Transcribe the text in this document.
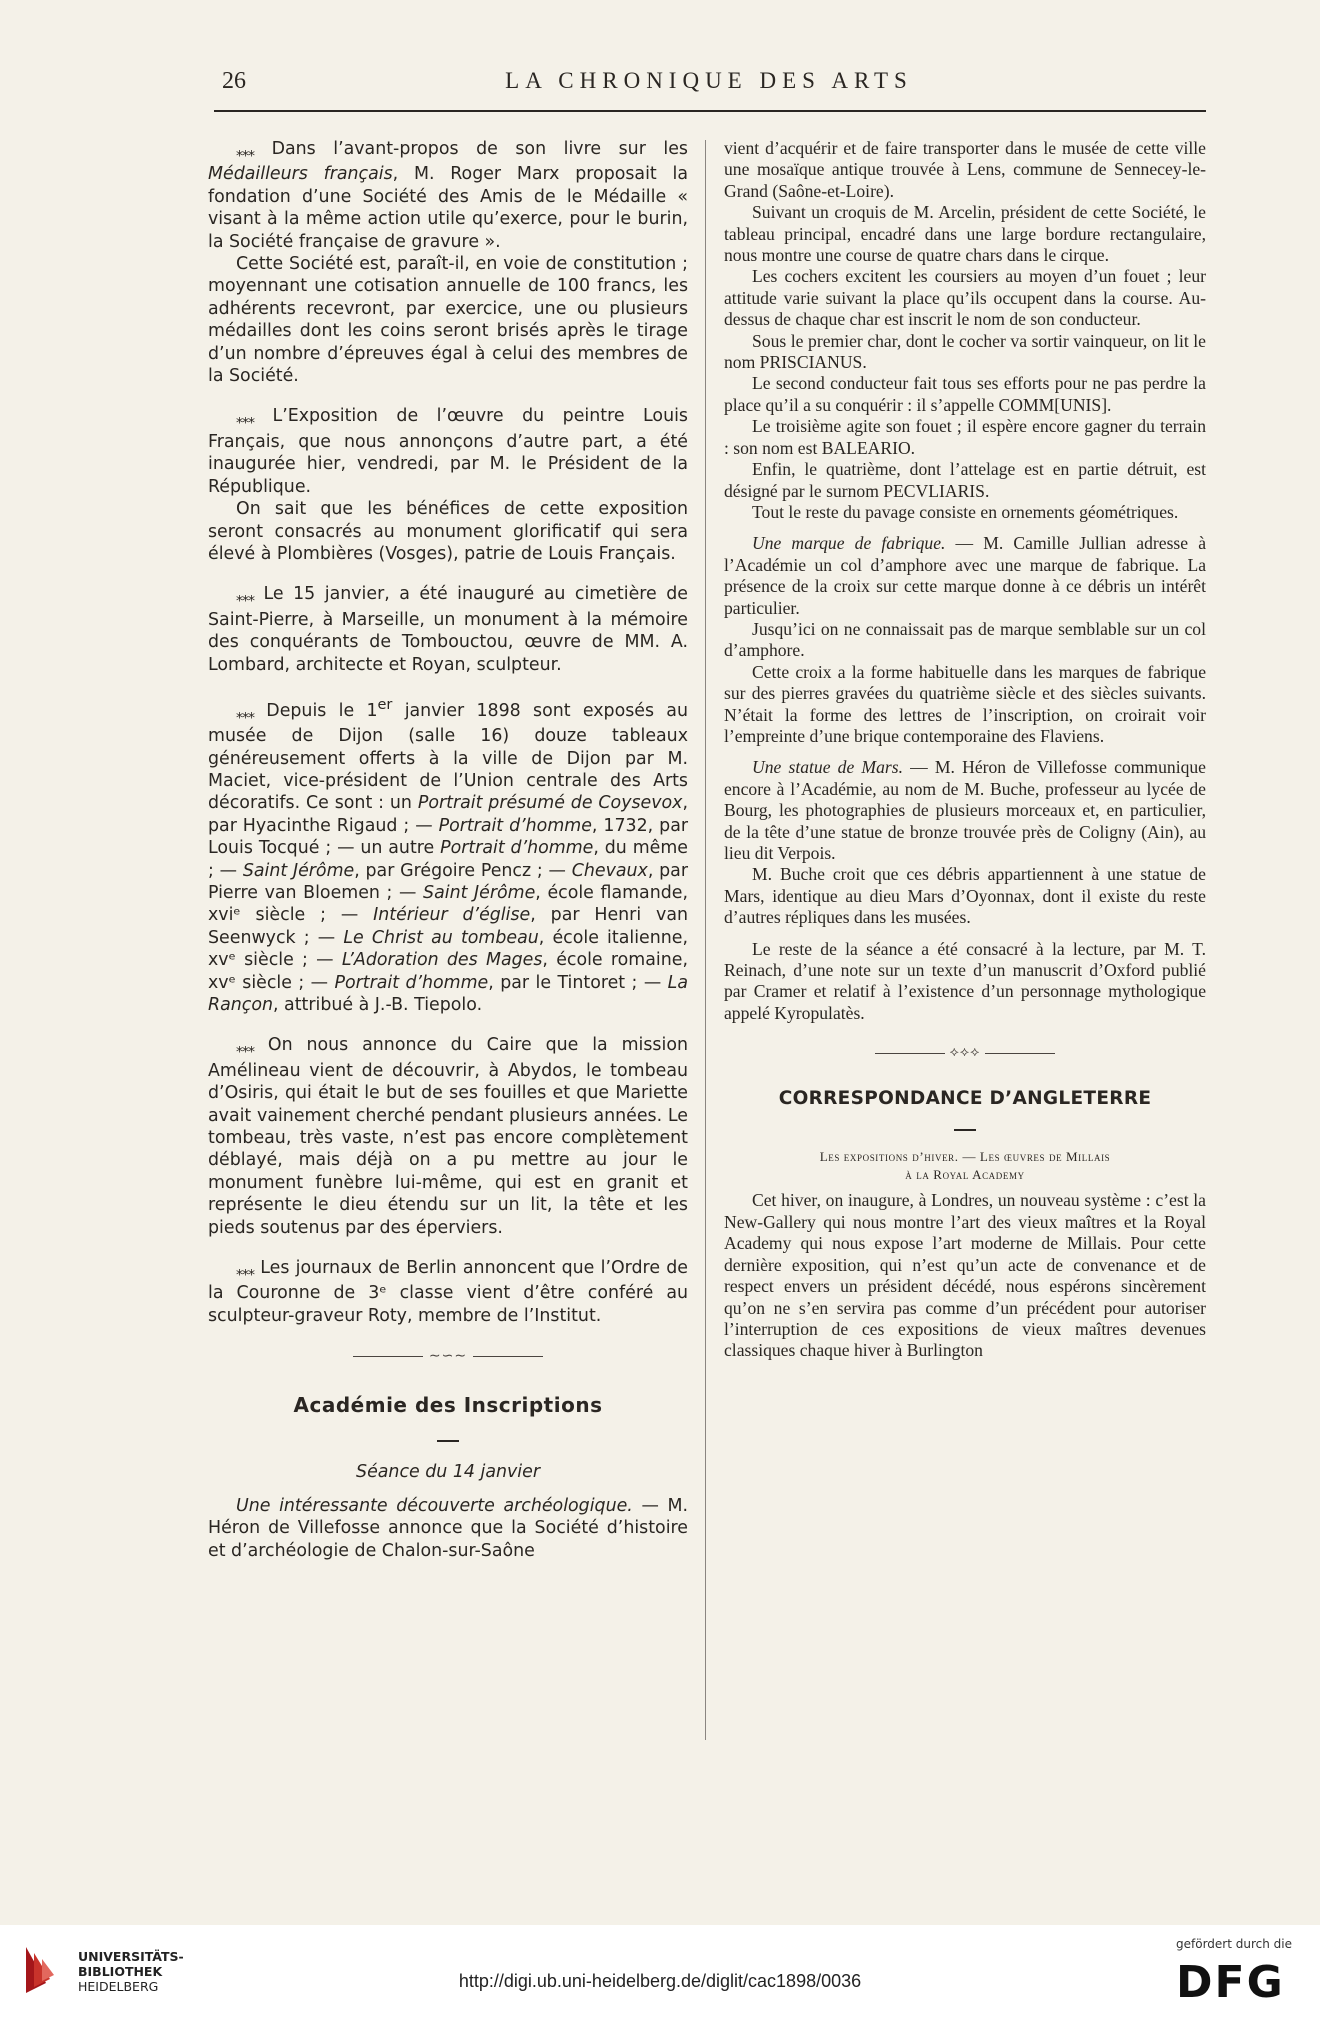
26	LA CHRONIQUE DES ARTS

⁎⁎⁎ Dans l’avant-propos de son livre sur les Médailleurs français, M. Roger Marx proposait la fondation d’une Société des Amis de le Médaille « visant à la même action utile qu’exerce, pour le burin, la Société française de gravure ».

Cette Société est, paraît-il, en voie de constitution ; moyennant une cotisation annuelle de 100 francs, les adhérents recevront, par exercice, une ou plusieurs médailles dont les coins seront brisés après le tirage d’un nombre d’épreuves égal à celui des membres de la Société.

⁎⁎⁎ L’Exposition de l’œuvre du peintre Louis Français, que nous annonçons d’autre part, a été inaugurée hier, vendredi, par M. le Président de la République.

On sait que les bénéfices de cette exposition seront consacrés au monument glorificatif qui sera élevé à Plombières (Vosges), patrie de Louis Français.

⁎⁎⁎ Le 15 janvier, a été inauguré au cimetière de Saint-Pierre, à Marseille, un monument à la mémoire des conquérants de Tombouctou, œuvre de MM. A. Lombard, architecte et Royan, sculpteur.

⁎⁎⁎ Depuis le 1er janvier 1898 sont exposés au musée de Dijon (salle 16) douze tableaux généreusement offerts à la ville de Dijon par M. Maciet, vice-président de l’Union centrale des Arts décoratifs. Ce sont : un Portrait présumé de Coysevox, par Hyacinthe Rigaud ; — Portrait d’homme, 1732, par Louis Tocqué ; — un autre Portrait d’homme, du même ; — Saint Jérôme, par Grégoire Pencz ; — Chevaux, par Pierre van Bloemen ; — Saint Jérôme, école flamande, xviᵉ siècle ; — Intérieur d’église, par Henri van Seenwyck ; — Le Christ au tombeau, école italienne, xvᵉ siècle ; — L’Adoration des Mages, école romaine, xvᵉ siècle ; — Portrait d’homme, par le Tintoret ; — La Rançon, attribué à J.-B. Tiepolo.

⁎⁎⁎ On nous annonce du Caire que la mission Amélineau vient de découvrir, à Abydos, le tombeau d’Osiris, qui était le but de ses fouilles et que Mariette avait vainement cherché pendant plusieurs années. Le tombeau, très vaste, n’est pas encore complètement déblayé, mais déjà on a pu mettre au jour le monument funèbre lui-même, qui est en granit et représente le dieu étendu sur un lit, la tête et les pieds soutenus par des éperviers.

⁎⁎⁎ Les journaux de Berlin annoncent que l’Ordre de la Couronne de 3ᵉ classe vient d’être conféré au sculpteur-graveur Roty, membre de l’Institut.

∼∽∼
Académie des Inscriptions
Séance du 14 janvier

Une intéressante découverte archéologique. — M. Héron de Villefosse annonce que la Société d’histoire et d’archéologie de Chalon-sur-Saône

vient d’acquérir et de faire transporter dans le musée de cette ville une mosaïque antique trouvée à Lens, commune de Sennecey-le-Grand (Saône-et-Loire).

Suivant un croquis de M. Arcelin, président de cette Société, le tableau principal, encadré dans une large bordure rectangulaire, nous montre une course de quatre chars dans le cirque.

Les cochers excitent les coursiers au moyen d’un fouet ; leur attitude varie suivant la place qu’ils occupent dans la course. Au-dessus de chaque char est inscrit le nom de son conducteur.

Sous le premier char, dont le cocher va sortir vainqueur, on lit le nom PRISCIANUS.

Le second conducteur fait tous ses efforts pour ne pas perdre la place qu’il a su conquérir : il s’appelle COMM[UNIS].

Le troisième agite son fouet ; il espère encore gagner du terrain : son nom est BALEARIO.

Enfin, le quatrième, dont l’attelage est en partie détruit, est désigné par le surnom PECVLIARIS.

Tout le reste du pavage consiste en ornements géométriques.

Une marque de fabrique. — M. Camille Jullian adresse à l’Académie un col d’amphore avec une marque de fabrique. La présence de la croix sur cette marque donne à ce débris un intérêt particulier.

Jusqu’ici on ne connaissait pas de marque semblable sur un col d’amphore.

Cette croix a la forme habituelle dans les marques de fabrique sur des pierres gravées du quatrième siècle et des siècles suivants. N’était la forme des lettres de l’inscription, on croirait voir l’empreinte d’une brique contemporaine des Flaviens.

Une statue de Mars. — M. Héron de Villefosse communique encore à l’Académie, au nom de M. Buche, professeur au lycée de Bourg, les photographies de plusieurs morceaux et, en particulier, de la tête d’une statue de bronze trouvée près de Coligny (Ain), au lieu dit Verpois.

M. Buche croit que ces débris appartiennent à une statue de Mars, identique au dieu Mars d’Oyonnax, dont il existe du reste d’autres répliques dans les musées.

Le reste de la séance a été consacré à la lecture, par M. T. Reinach, d’une note sur un texte d’un manuscrit d’Oxford publié par Cramer et relatif à l’existence d’un personnage mythologique appelé Kyropulatès.

⟡⟡⟡
CORRESPONDANCE D’ANGLETERRE
Les expositions d’hiver. — Les œuvres de Millais
à la Royal Academy

Cet hiver, on inaugure, à Londres, un nouveau système : c’est la New-Gallery qui nous montre l’art des vieux maîtres et la Royal Academy qui nous expose l’art moderne de Millais. Pour cette dernière exposition, qui n’est qu’un acte de convenance et de respect envers un président décédé, nous espérons sincèrement qu’on ne s’en servira pas comme d’un précédent pour autoriser l’interruption de ces expositions de vieux maîtres devenues classiques chaque hiver à Burlington

UNIVERSITÄTS-
BIBLIOTHEK
HEIDELBERG	http://digi.ub.uni-heidelberg.de/diglit/cac1898/0036
gefördert durch die
DFG
